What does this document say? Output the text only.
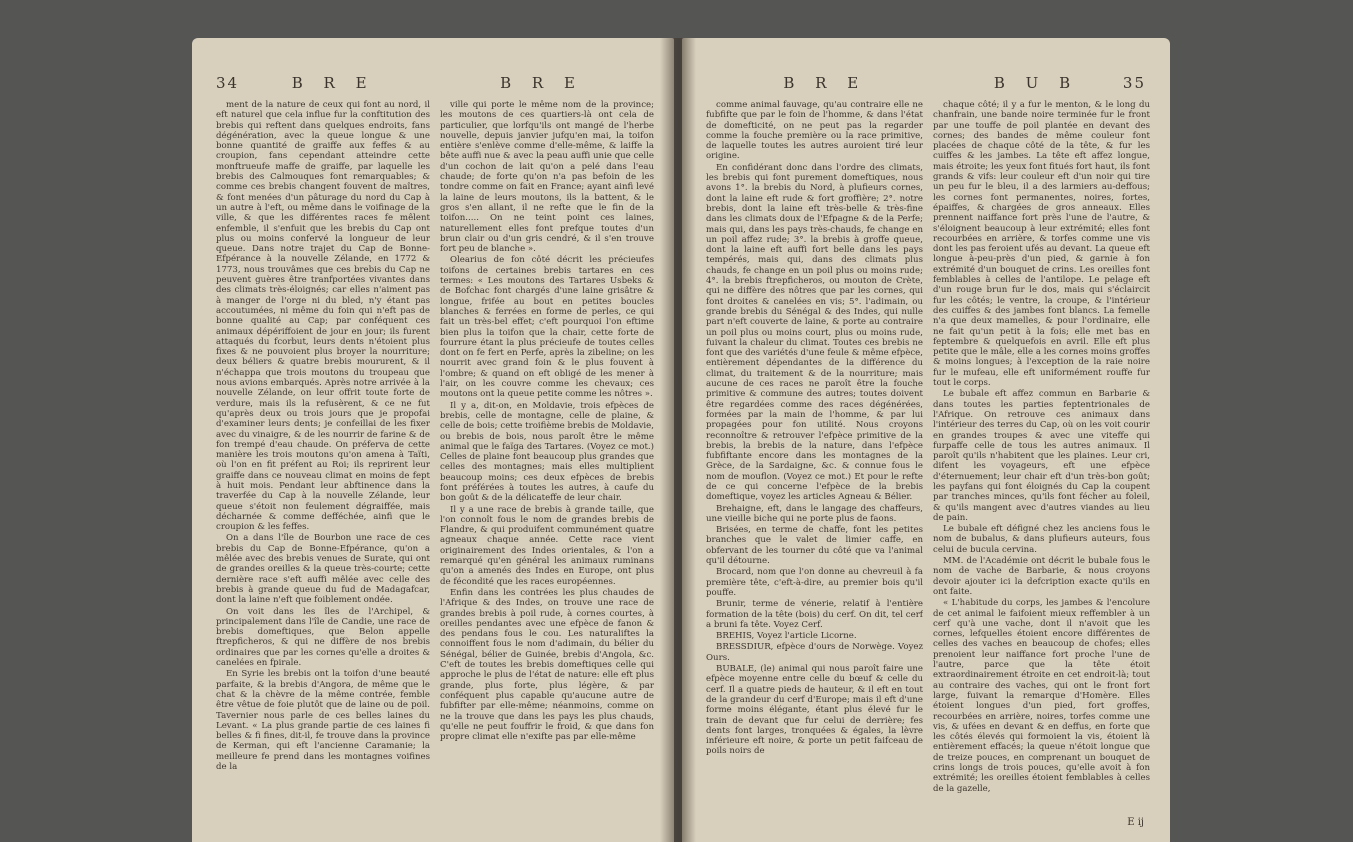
34	B R E	B R E

ment de la nature de ceux qui font au nord, il eft naturel que cela influe fur la conftitution des brebis qui reftent dans quelques endroits, fans dégénération, avec la queue longue & une bonne quantité de graiffe aux feffes & au croupion, fans cependant atteindre cette monftrueufe maffe de graiffe, par laquelle les brebis des Calmouques font remarquables; & comme ces brebis changent fouvent de maîtres, & font menées d'un pâturage du nord du Cap à un autre à l'eft, ou même dans le voifinage de la ville, & que les différentes races fe mêlent enfemble, il s'enfuit que les brebis du Cap ont plus ou moins confervé la longueur de leur queue. Dans notre trajet du Cap de Bonne-Efpérance à la nouvelle Zélande, en 1772 & 1773, nous trouvâmes que ces brebis du Cap ne peuvent guères être tranfportées vivantes dans des climats très-éloignés; car elles n'aiment pas à manger de l'orge ni du bled, n'y étant pas accoutumées, ni même du foin qui n'eft pas de bonne qualité au Cap; par conféquent ces animaux dépériffoient de jour en jour; ils furent attaqués du fcorbut, leurs dents n'étoient plus fixes & ne pouvoient plus broyer la nourriture; deux béliers & quatre brebis moururent, & il n'échappa que trois moutons du troupeau que nous avions embarqués. Après notre arrivée à la nouvelle Zélande, on leur offrit toute forte de verdure, mais ils la refusèrent, & ce ne fut qu'après deux ou trois jours que je propofai d'examiner leurs dents; je confeillai de les fixer avec du vinaigre, & de les nourrir de farine & de fon trempé d'eau chaude. On préferva de cette manière les trois moutons qu'on amena à Taïti, où l'on en fit préfent au Roi; ils reprirent leur graiffe dans ce nouveau climat en moins de fept à huit mois. Pendant leur abftinence dans la traverfée du Cap à la nouvelle Zélande, leur queue s'étoit non feulement dégraiffée, mais décharnée & comme defféchée, ainfi que le croupion & les feffes.

On a dans l'île de Bourbon une race de ces brebis du Cap de Bonne-Efpérance, qu'on a mêlée avec des brebis venues de Surate, qui ont de grandes oreilles & la queue très-courte; cette dernière race s'eft auffi mêlée avec celle des brebis à grande queue du fud de Madagafcar, dont la laine n'eft que foiblement ondée.

On voit dans les îles de l'Archipel, & principalement dans l'île de Candie, une race de brebis domeftiques, que Belon appelle ftrepficheros, & qui ne diffère de nos brebis ordinaires que par les cornes qu'elle a droites & canelées en fpirale.

En Syrie les brebis ont la toifon d'une beauté parfaite, & la brebis d'Angora, de même que le chat & la chèvre de la même contrée, femble être vêtue de foie plutôt que de laine ou de poil. Tavernier nous parle de ces belles laines du Levant. « La plus grande partie de ces laines fi belles & fi fines, dit-il, fe trouve dans la province de Kerman, qui eft l'ancienne Caramanie; la meilleure fe prend dans les montagnes voifines de la

ville qui porte le même nom de la province; les moutons de ces quartiers-là ont cela de particulier, que lorfqu'ils ont mangé de l'herbe nouvelle, depuis janvier jufqu'en mai, la toifon entière s'enlève comme d'elle-même, & laiffe la bête auffi nue & avec la peau auffi unie que celle d'un cochon de lait qu'on a pelé dans l'eau chaude; de forte qu'on n'a pas befoin de les tondre comme on fait en France; ayant ainfi levé la laine de leurs moutons, ils la battent, & le gros s'en allant, il ne refte que le fin de la toifon..... On ne teint point ces laines, naturellement elles font prefque toutes d'un brun clair ou d'un gris cendré, & il s'en trouve fort peu de blanche ».

Olearius de fon côté décrit les précieufes toifons de certaines brebis tartares en ces termes: « Les moutons des Tartares Usbeks & de Bofchac font chargés d'une laine grisâtre & longue, frifée au bout en petites boucles blanches & ferrées en forme de perles, ce qui fait un très-bel effet; c'eft pourquoi l'on eftime bien plus la toifon que la chair, cette forte de fourrure étant la plus précieufe de toutes celles dont on fe fert en Perfe, après la zibeline; on les nourrit avec grand foin & le plus fouvent à l'ombre; & quand on eft obligé de les mener à l'air, on les couvre comme les chevaux; ces moutons ont la queue petite comme les nôtres ».

Il y a, dit-on, en Moldavie, trois efpèces de brebis, celle de montagne, celle de plaine, & celle de bois; cette troifième brebis de Moldavie, ou brebis de bois, nous paroît être le même animal que le faïga des Tartares. (Voyez ce mot.) Celles de plaine font beaucoup plus grandes que celles des montagnes; mais elles multiplient beaucoup moins; ces deux efpèces de brebis font préférées à toutes les autres, à caufe du bon goût & de la délicateffe de leur chair.

Il y a une race de brebis à grande taille, que l'on connoît fous le nom de grandes brebis de Flandre, & qui produifent communément quatre agneaux chaque année. Cette race vient originairement des Indes orientales, & l'on a remarqué qu'en général les animaux ruminans qu'on a amenés des Indes en Europe, ont plus de fécondité que les races européennes.

Enfin dans les contrées les plus chaudes de l'Afrique & des Indes, on trouve une race de grandes brebis à poil rude, à cornes courtes, à oreilles pendantes avec une efpèce de fanon & des pendans fous le cou. Les naturaliftes la connoiffent fous le nom d'adimain, du bélier du Sénégal, bélier de Guinée, brebis d'Angola, &c. C'eft de toutes les brebis domeftiques celle qui approche le plus de l'état de nature: elle eft plus grande, plus forte, plus légère, & par conféquent plus capable qu'aucune autre de fubfifter par elle-même; néanmoins, comme on ne la trouve que dans les pays les plus chauds, qu'elle ne peut fouffrir le froid, & que dans fon propre climat elle n'exifte pas par elle-même

B R E	B U B	35

comme animal fauvage, qu'au contraire elle ne fubfifte que par le foin de l'homme, & dans l'état de domefticité, on ne peut pas la regarder comme la fouche première ou la race primitive, de laquelle toutes les autres auroient tiré leur origine.

En confidérant donc dans l'ordre des climats, les brebis qui font purement domeftiques, nous avons 1°. la brebis du Nord, à plufieurs cornes, dont la laine eft rude & fort groffière; 2°. notre brebis, dont la laine eft très-belle & très-fine dans les climats doux de l'Efpagne & de la Perfe; mais qui, dans les pays très-chauds, fe change en un poil affez rude; 3°. la brebis à groffe queue, dont la laine eft auffi fort belle dans les pays tempérés, mais qui, dans des climats plus chauds, fe change en un poil plus ou moins rude; 4°. la brebis ftrepficheros, ou mouton de Crète, qui ne diffère des nôtres que par les cornes, qui font droites & canelées en vis; 5°. l'adimain, ou grande brebis du Sénégal & des Indes, qui nulle part n'eft couverte de laine, & porte au contraire un poil plus ou moins court, plus ou moins rude, fuivant la chaleur du climat. Toutes ces brebis ne font que des variétés d'une feule & même efpèce, entièrement dépendantes de la différence du climat, du traitement & de la nourriture; mais aucune de ces races ne paroît être la fouche primitive & commune des autres; toutes doivent être regardées comme des races dégénérées, formées par la main de l'homme, & par lui propagées pour fon utilité. Nous croyons reconnoître & retrouver l'efpèce primitive de la brebis, la brebis de la nature, dans l'efpèce fubfiftante encore dans les montagnes de la Grèce, de la Sardaigne, &c. & connue fous le nom de mouflon. (Voyez ce mot.) Et pour le refte de ce qui concerne l'efpèce de la brebis domeftique, voyez les articles Agneau & Bélier.

Brehaigne, eft, dans le langage des chaffeurs, une vieille biche qui ne porte plus de faons.

Brisées, en terme de chaffe, font les petites branches que le valet de limier caffe, en obfervant de les tourner du côté que va l'animal qu'il détourne.

Brocard, nom que l'on donne au chevreuil à fa première tête, c'eft-à-dire, au premier bois qu'il pouffe.

Brunir, terme de vénerie, relatif à l'entière formation de la tête (bois) du cerf. On dit, tel cerf a bruni fa tête. Voyez Cerf.

BREHIS, Voyez l'article Licorne.

BRESSDIUR, efpèce d'ours de Norwège. Voyez Ours.

BUBALE, (le) animal qui nous paroît faire une efpèce moyenne entre celle du bœuf & celle du cerf. Il a quatre pieds de hauteur, & il eft en tout de la grandeur du cerf d'Europe; mais il eft d'une forme moins élégante, étant plus élevé fur le train de devant que fur celui de derrière; fes dents font larges, tronquées & égales, la lèvre inférieure eft noire, & porte un petit faifceau de poils noirs de

chaque côté; il y a fur le menton, & le long du chanfrain, une bande noire terminée fur le front par une touffe de poil plantée en devant des cornes; des bandes de même couleur font placées de chaque côté de la tête, & fur les cuiffes & les jambes. La tête eft affez longue, mais étroite; les yeux font fitués fort haut, ils font grands & vifs: leur couleur eft d'un noir qui tire un peu fur le bleu, il a des larmiers au-deffous; les cornes font permanentes, noires, fortes, épaiffes, & chargées de gros anneaux. Elles prennent naiffance fort près l'une de l'autre, & s'éloignent beaucoup à leur extrémité; elles font recourbées en arrière, & torfes comme une vis dont les pas feroient ufés au devant. La queue eft longue à-peu-près d'un pied, & garnie à fon extrémité d'un bouquet de crins. Les oreilles font femblables à celles de l'antilope. Le pelage eft d'un rouge brun fur le dos, mais qui s'éclaircit fur les côtés; le ventre, la croupe, & l'intérieur des cuiffes & des jambes font blancs. La femelle n'a que deux mamelles, & pour l'ordinaire, elle ne fait qu'un petit à la fois; elle met bas en feptembre & quelquefois en avril. Elle eft plus petite que le mâle, elle a les cornes moins groffes & moins longues; à l'exception de la raie noire fur le mufeau, elle eft uniformément rouffe fur tout le corps.

Le bubale eft affez commun en Barbarie & dans toutes les parties feptentrionales de l'Afrique. On retrouve ces animaux dans l'intérieur des terres du Cap, où on les voit courir en grandes troupes & avec une viteffe qui furpaffe celle de tous les autres animaux. Il paroît qu'ils n'habitent que les plaines. Leur cri, difent les voyageurs, eft une efpèce d'éternuement; leur chair eft d'un très-bon goût; les payfans qui font éloignés du Cap la coupent par tranches minces, qu'ils font fécher au foleil, & qu'ils mangent avec d'autres viandes au lieu de pain.

Le bubale eft défigné chez les anciens fous le nom de bubalus, & dans plufieurs auteurs, fous celui de bucula cervina.

MM. de l'Académie ont décrit le bubale fous le nom de vache de Barbarie, & nous croyons devoir ajouter ici la defcription exacte qu'ils en ont faite.

« L'habitude du corps, les jambes & l'encolure de cet animal le faifoient mieux reffembler à un cerf qu'à une vache, dont il n'avoit que les cornes, lefquelles étoient encore différentes de celles des vaches en beaucoup de chofes; elles prenoient leur naiffance fort proche l'une de l'autre, parce que la tête étoit extraordinairement étroite en cet endroit-là; tout au contraire des vaches, qui ont le front fort large, fuivant la remarque d'Homère. Elles étoient longues d'un pied, fort groffes, recourbées en arrière, noires, torfes comme une vis, & ufées en devant & en deffus, en forte que les côtés élevés qui formoient la vis, étoient là entièrement effacés; la queue n'étoit longue que de treize pouces, en comprenant un bouquet de crins longs de trois pouces, qu'elle avoit à fon extrémité; les oreilles étoient femblables à celles de la gazelle,

E ij
